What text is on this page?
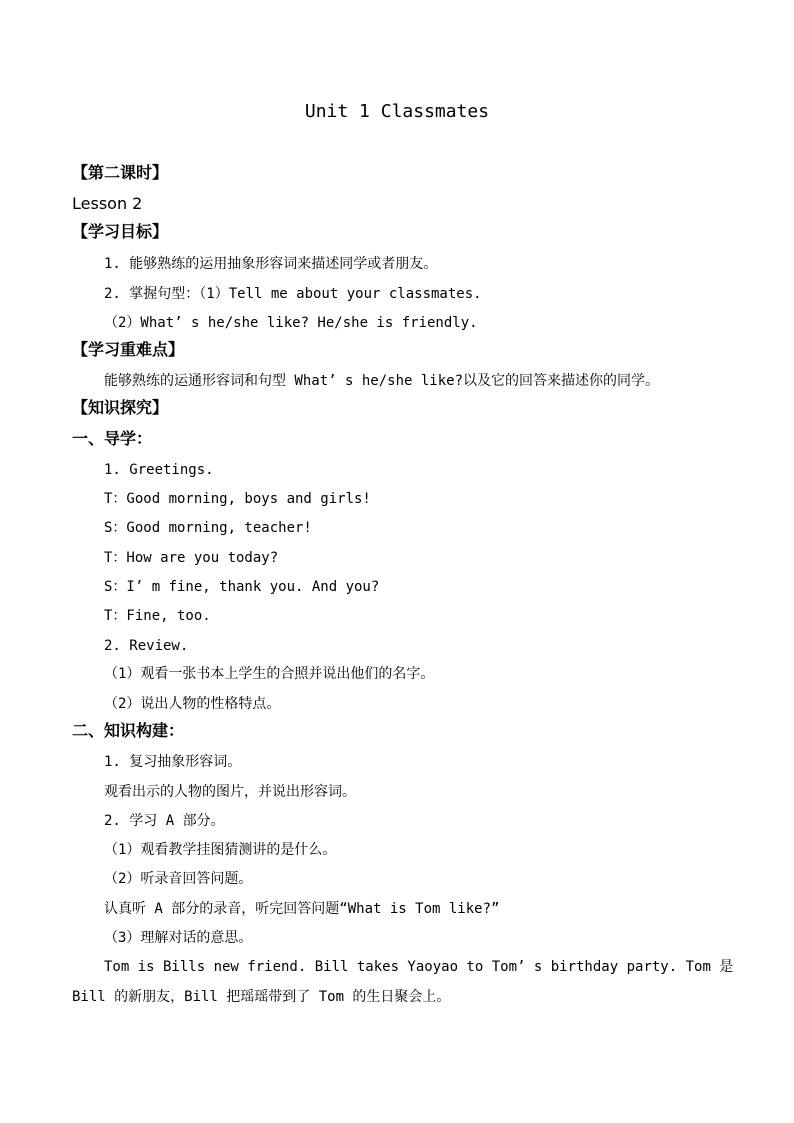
Unit 1 Classmates
【第二课时】
Lesson 2
【学习目标】
1. 能够熟练的运用抽象形容词来描述同学或者朋友。
2. 掌握句型：（1）Tell me about your classmates.
（2）What’ s he/she like? He/she is friendly.
【学习重难点】
能够熟练的运通形容词和句型 What’ s he/she like?以及它的回答来描述你的同学。
【知识探究】
一、导学：
1. Greetings.
T：Good morning, boys and girls!
S：Good morning, teacher!
T：How are you today?
S：I’ m fine, thank you. And you?
T：Fine, too.
2. Review.
（1）观看一张书本上学生的合照并说出他们的名字。
（2）说出人物的性格特点。
二、知识构建：
1. 复习抽象形容词。
观看出示的人物的图片，并说出形容词。
2. 学习 A 部分。
（1）观看教学挂图猜测讲的是什么。
（2）听录音回答问题。
认真听 A 部分的录音，听完回答问题“What is Tom like?”
（3）理解对话的意思。
Tom is Bills new friend. Bill takes Yaoyao to Tom’ s birthday party. Tom 是
Bill 的新朋友，Bill 把瑶瑶带到了 Tom 的生日聚会上。
